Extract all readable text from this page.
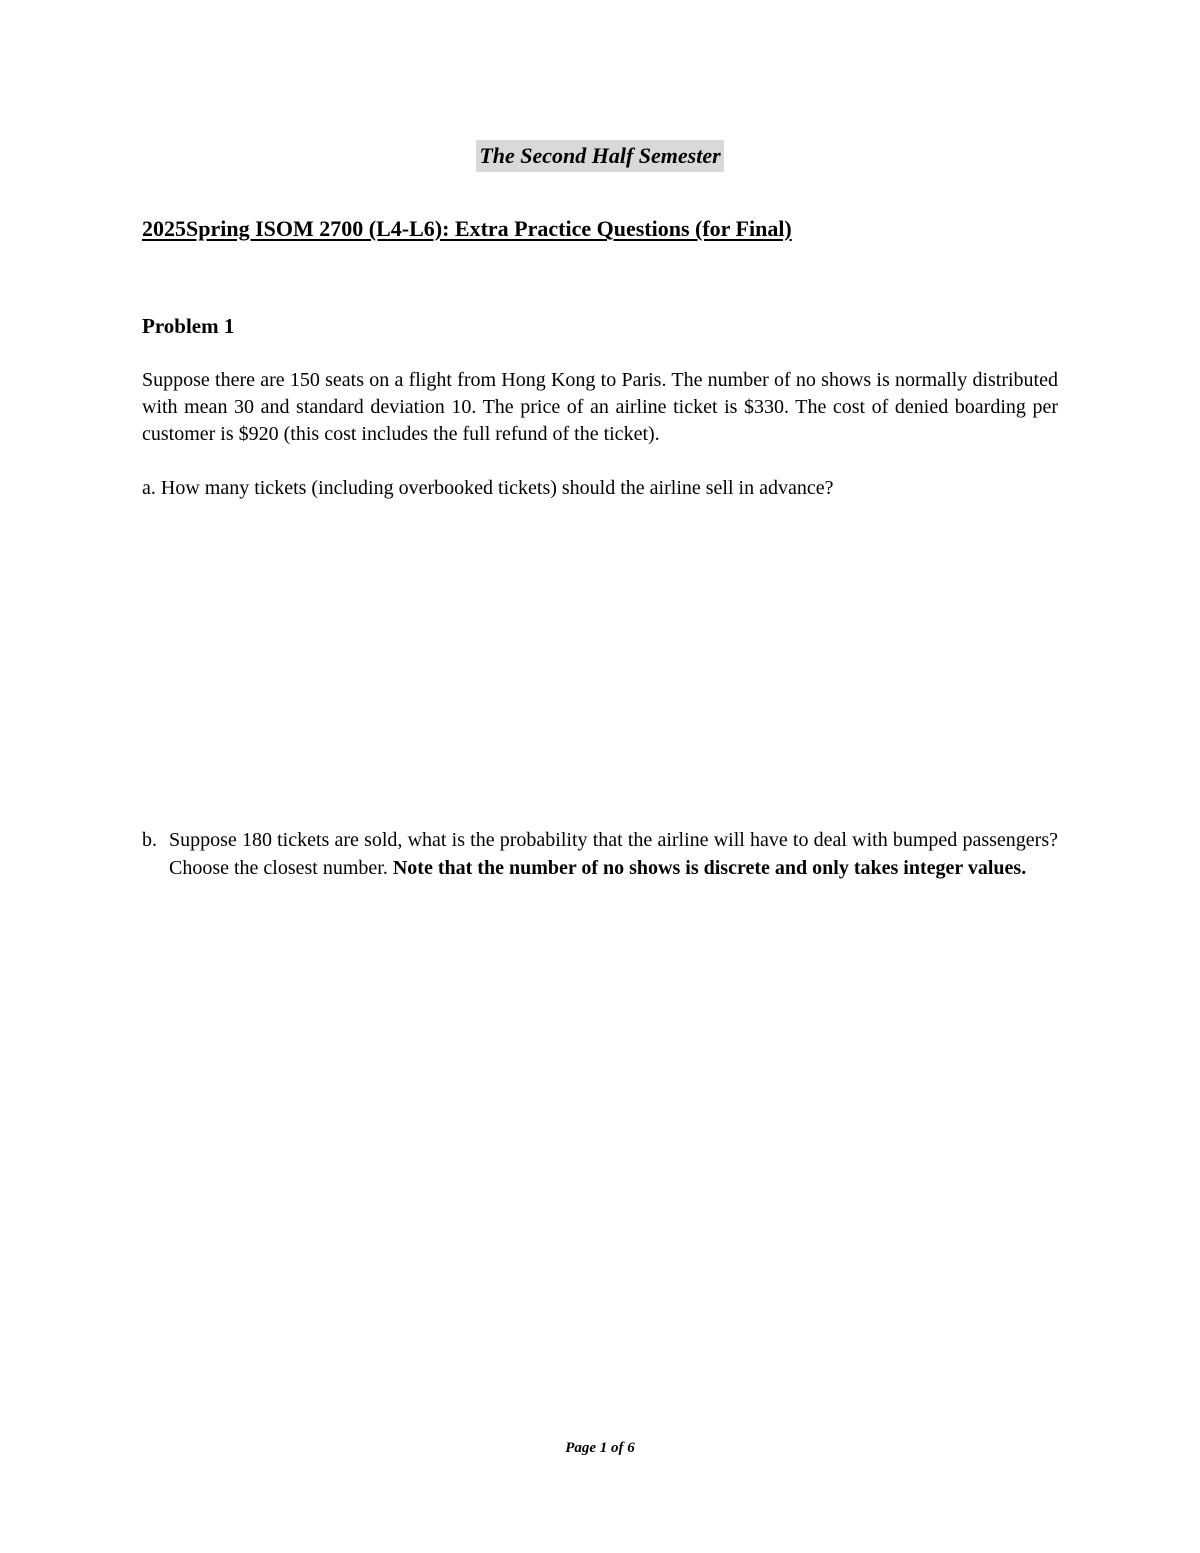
The Second Half Semester
2025Spring ISOM 2700 (L4-L6): Extra Practice Questions (for Final)
Problem 1
Suppose there are 150 seats on a flight from Hong Kong to Paris. The number of no shows is normally distributed with mean 30 and standard deviation 10. The price of an airline ticket is $330. The cost of denied boarding per customer is $920 (this cost includes the full refund of the ticket).
a. How many tickets (including overbooked tickets) should the airline sell in advance?
b. Suppose 180 tickets are sold, what is the probability that the airline will have to deal with bumped passengers? Choose the closest number. Note that the number of no shows is discrete and only takes integer values.
Page 1 of 6
